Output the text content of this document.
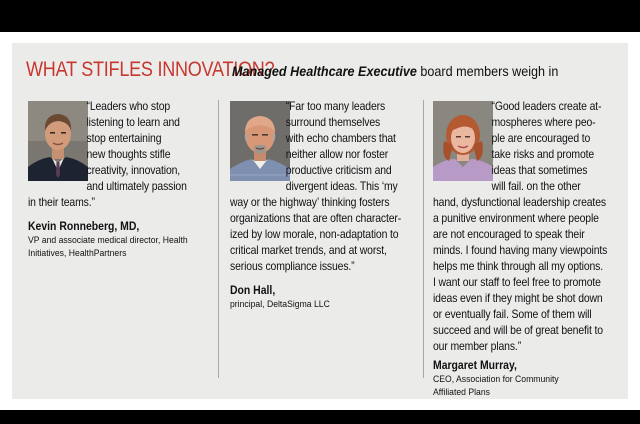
WHAT STIFLES INNOVATION?
Managed Healthcare Executive board members weigh in

“Leaders who stop
listening to learn and
stop entertaining
new thoughts stifle
creativity, innovation,
and ultimately passion
in their teams.”

Kevin Ronneberg, MD,
VP and associate medical director, Health
Initiatives, HealthPartners

“Far too many leaders
surround themselves
with echo chambers that
neither allow nor foster
productive criticism and
divergent ideas. This ‘my
way or the highway’ thinking fosters
organizations that are often character-
ized by low morale, non-adaptation to
critical market trends, and at worst,
serious compliance issues.”

Don Hall,
principal, DeltaSigma LLC

“Good leaders create at-
mospheres where peo-
ple are encouraged to
take risks and promote
ideas that sometimes
will fail. on the other
hand, dysfunctional leadership creates
a punitive environment where people
are not encouraged to speak their
minds. I found having many viewpoints
helps me think through all my options.
I want our staff to feel free to promote
ideas even if they might be shot down
or eventually fail. Some of them will
succeed and will be of great benefit to
our member plans.”

Margaret Murray,
CEO, Association for Community
Affiliated Plans
